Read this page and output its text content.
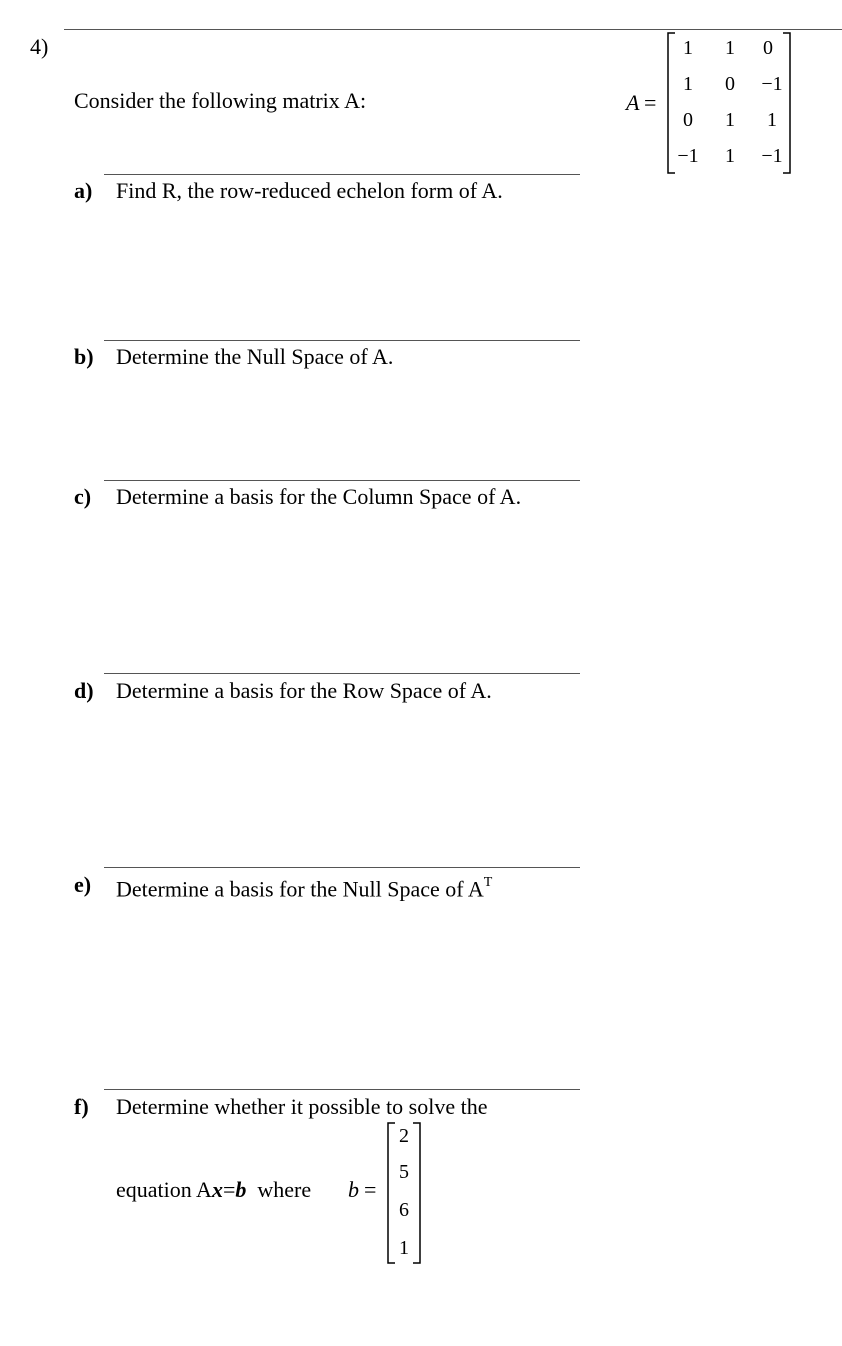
4)
Consider the following matrix A:	A =
1	1	0
1	0	−1
0	1	1
−1	1	−1
a) Find R, the row-reduced echelon form of A.
b) Determine the Null Space of A.
c) Determine a basis for the Column Space of A.
d) Determine a basis for the Row Space of A.
e) Determine a basis for the Null Space of $A^T$
f) Determine whether it possible to solve the
equation Ax=b where b =
2
5
6
1
